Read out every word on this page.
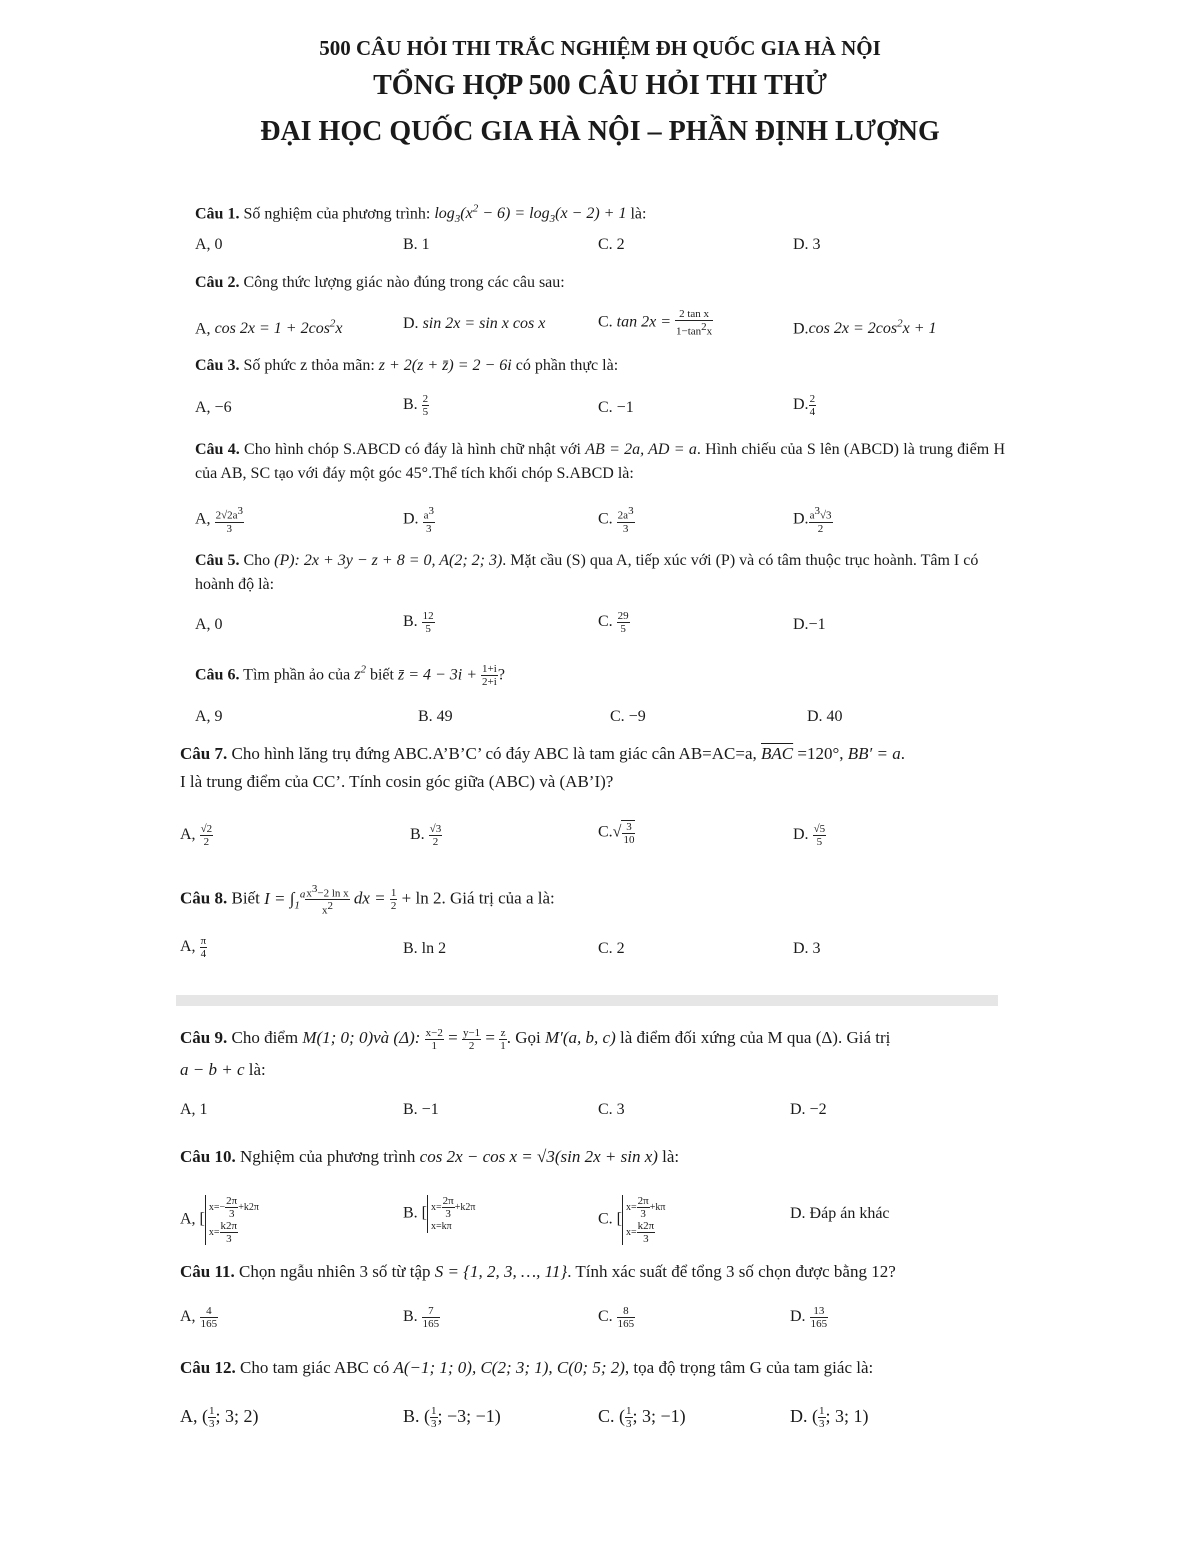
500 CÂU HỎI THI TRẮC NGHIỆM ĐH QUỐC GIA HÀ NỘI
TỔNG HỢP 500 CÂU HỎI THI THỬ
ĐẠI HỌC QUỐC GIA HÀ NỘI – PHẦN ĐỊNH LƯỢNG
Câu 1. Số nghiệm của phương trình: $\log_3(x^2 - 6) = \log_3(x - 2) + 1$ là:
A, 0	B. 1	C. 2	D. 3
Câu 2. Công thức lượng giác nào đúng trong các câu sau:
A, $\cos 2x = 1 + 2\cos^2x$	D. sin 2x = sin x cos x	C. $\tan 2x = \frac{\text{2 tan x}}{1-\tan^2x}$	D.cos $2x = 2\cos^2x + 1$
Câu 3. Số phức z thỏa mãn: z + 2(z + z̄) = 2 − 6i có phần thực là:
A, −6	B. $\frac{2}{5}$	C. −1	D. $\frac{2}{4}$
Câu 4. Cho hình chóp S.ABCD có đáy là hình chữ nhật với AB = 2a, AD = a. Hình chiếu của S lên (ABCD) là trung điểm H của AB, SC tạo với đáy một góc 45°.Thể tích khối chóp S.ABCD là:
A, $\frac{2√2a^3}{3}$	D. $\frac{a^3}{3}$	C. $\frac{2a^3}{3}$	D. $\frac{a^3√3}{2}$
Câu 5. Cho (P): 2x + 3y − z + 8 = 0, A(2; 2; 3). Mặt cầu (S) qua A, tiếp xúc với (P) và có tâm thuộc trục hoành. Tâm I có hoành độ là:
A, 0	B. $\frac{12}{5}$	C. $\frac{29}{5}$	D.−1
Câu 6. Tìm phần ảo của $z^2$ biết z̄ = $4 - 3i + \frac{1+i}{2+i}$ ?
A, 9	B. 49	C. −9	D. 40
Câu 7. Cho hình lăng trụ đứng ABC.A’B’C’ có đáy ABC là tam giác cân AB=AC=a, $\overline{BAC} =120^\circ$, BB′ = a.
I là trung điểm của CC’. Tính cosin góc giữa (ABC) và (AB’I)?
A, $\frac{√2}{2}$	B. $\frac{√3}{2}$	$C.√ \frac{3}{10}$	D. $\frac{√5}{5}$
Câu 8. Biết $I = \int_1^a \frac{x^3-2 \ln x}{x^2}$ dx = $\frac{1}{2} + \ln 2$. Giá trị của a là:
A, $\frac{\pi}{4}$	B. ln 2	C. 2	D. 3
Câu 9. Cho điểm M(1; 0; 0)và (Δ): $\frac{x-2}{1} = \frac{y-1}{2} = \frac{z}{1}$ . Gọi M′(a, b, c) là điểm đối xứng của M qua (Δ). Giá trị
a − b + c là:
A, 1	B. −1	C. 3	D. −2
Câu 10. Nghiệm của phương trình cos 2x − cos x = √3(sin 2x + sin x) là:
A, [$x=- \frac{2\pi}{3} +k2\pi$
$x= \frac{k2\pi}{3}$
B. [ $x= \frac{2\pi}{3} +k2\pi$
x=kπ	C. [$x= \frac{2\pi}{3} +k\pi$
$x= \frac{k2\pi}{3}$
D. Đáp án khác
Câu 11. Chọn ngẫu nhiên 3 số từ tập S = {1, 2, 3, …, 11}. Tính xác suất để tổng 3 số chọn được bằng 12?
A, $\frac{4}{165}$	B. $\frac{7}{165}$	C. $\frac{8}{165}$	D. $\frac{13}{165}$
Câu 12. Cho tam giác ABC có A(−1; 1; 0), C(2; 3; 1), C(0; 5; 2), tọa độ trọng tâm G của tam giác là:
A, ( $\frac{1}{3}$ ; 3; 2)	B. ( $\frac{1}{3}$ ; −3; −1)	C. ( $\frac{1}{3}$ ; 3; −1)	D. ( $\frac{1}{3}$ ; 3; 1)
